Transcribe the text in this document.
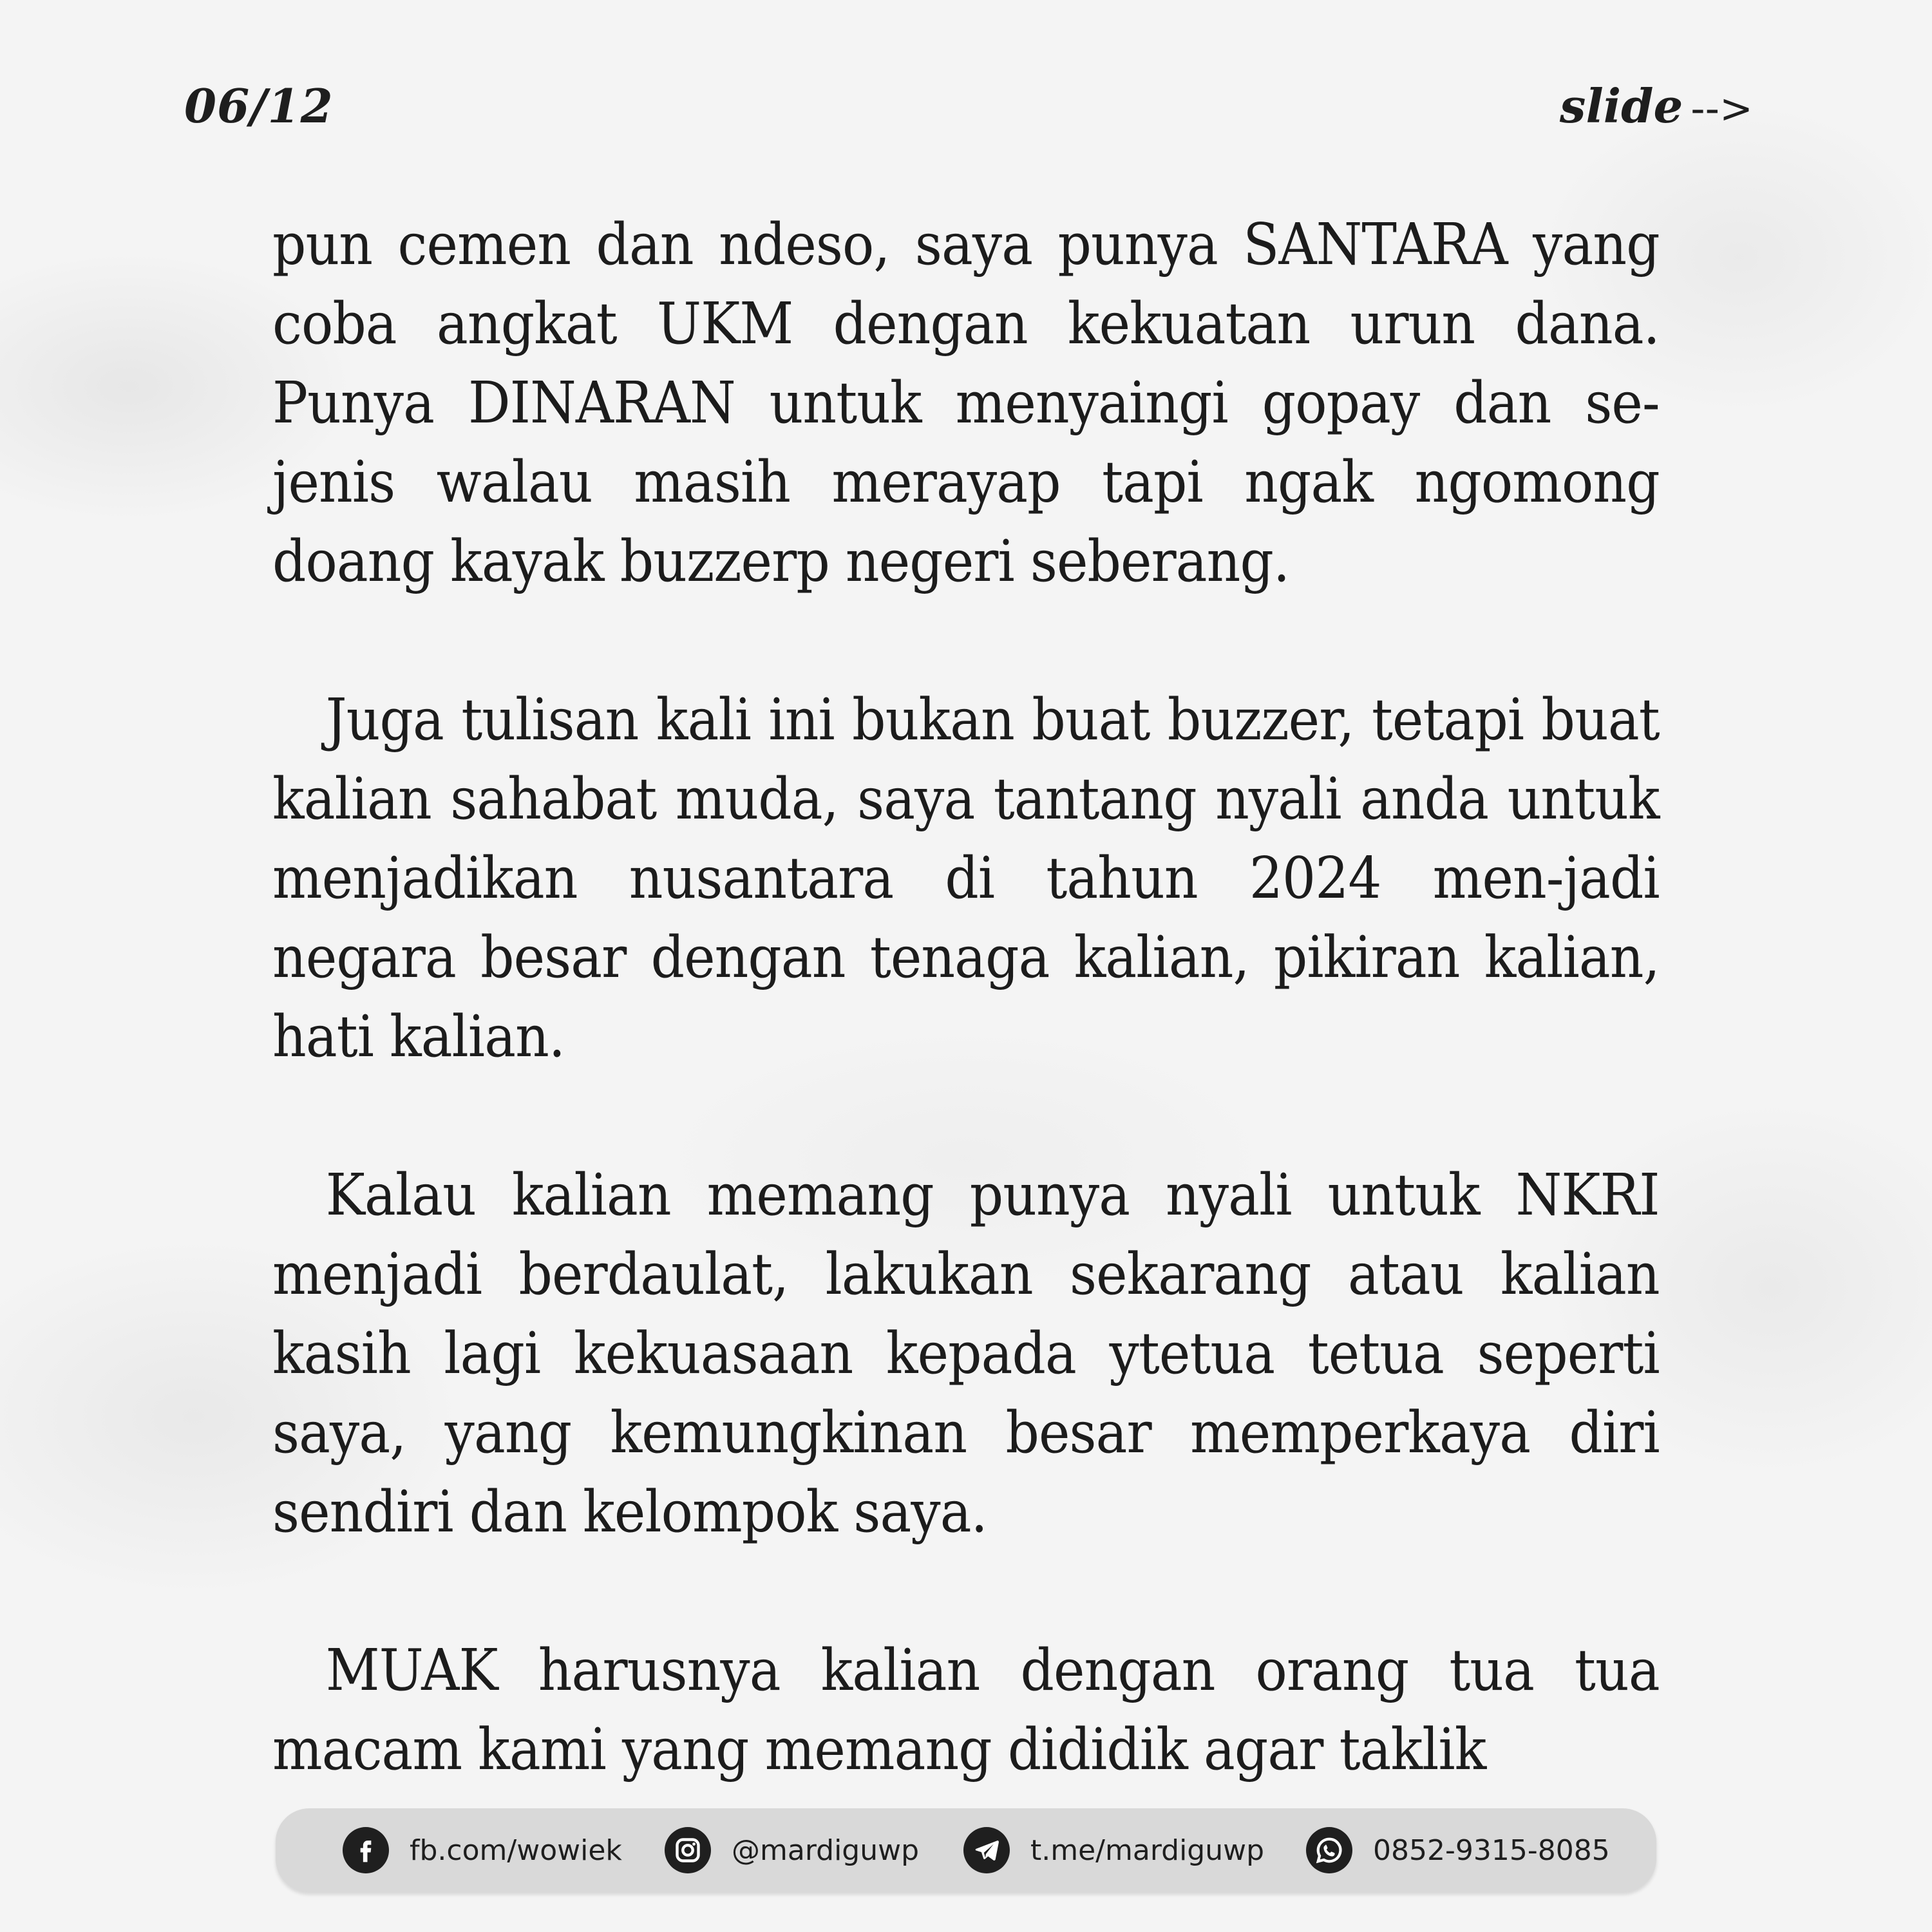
06/12	slide -->

pun cemen dan ndeso, saya punya SANTARA yang coba angkat UKM dengan kekuatan urun dana. Punya DINARAN untuk menyaingi gopay dan se-jenis walau masih merayap tapi ngak ngomong doang kayak buzzerp negeri seberang.

Juga tulisan kali ini bukan buat buzzer, tetapi buat kalian sahabat muda, saya tantang nyali anda untuk menjadikan nusantara di tahun 2024 men-jadi negara besar dengan tenaga kalian, pikiran kalian, hati kalian.

Kalau kalian memang punya nyali untuk NKRI menjadi berdaulat, lakukan sekarang atau kalian kasih lagi kekuasaan kepada ytetua tetua seperti saya, yang kemungkinan besar memperkaya diri sendiri dan kelompok saya.

MUAK harusnya kalian dengan orang tua tua macam kami yang memang dididik agar taklik

fb.com/wowiek	@mardiguwp	t.me/mardiguwp	0852-9315-8085
